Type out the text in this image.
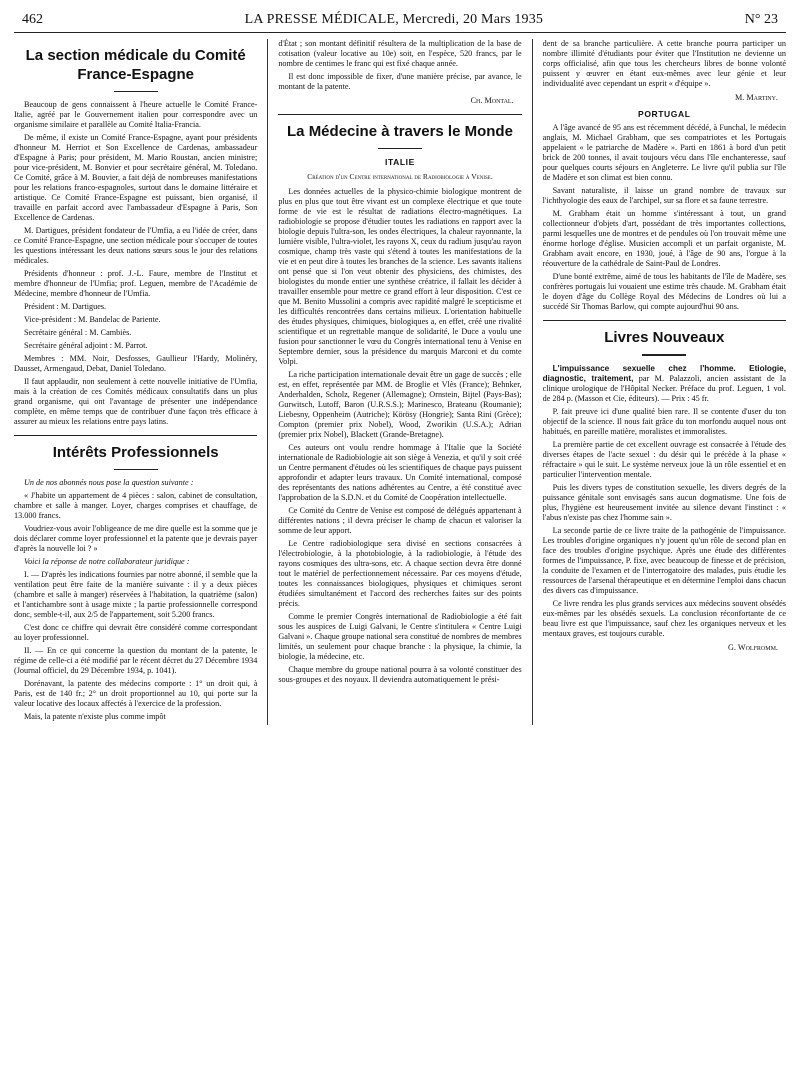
462	LA PRESSE MÉDICALE, Mercredi, 20 Mars 1935	N° 23
La section médicale du Comité France-Espagne

Beaucoup de gens connaissent à l'heure actuelle le Comité France-Italie, agréé par le Gouvernement italien pour correspondre avec un organisme similaire et parallèle au Comité Italia-Francia.

De même, il existe un Comité France-Espagne, ayant pour présidents d'honneur M. Herriot et Son Excellence de Cardenas, ambassadeur d'Espagne à Paris; pour président, M. Mario Roustan, ancien ministre; pour vice-président, M. Bonvier et pour secrétaire général, M. Toledano. Ce Comité, grâce à M. Bouvier, a fait déjà de nombreuses manifestations pour les relations franco-espagnoles, surtout dans le domaine littéraire et artistique. Ce Comité France-Espagne est puissant, bien organisé, il travaille en parfait accord avec l'ambassadeur d'Espagne à Paris, Son Excellence de Cardenas.

M. Dartigues, président fondateur de l'Umfia, a eu l'idée de créer, dans ce Comité France-Espagne, une section médicale pour s'occuper de toutes les questions intéressant les deux nations sœurs sous le jour des relations médicales.

Présidents d'honneur : prof. J.-L. Faure, membre de l'Institut et membre d'honneur de l'Umfia; prof. Leguen, membre de l'Académie de Médecine, membre d'honneur de l'Umfia.

Président : M. Dartigues.

Vice-président : M. Bandelac de Pariente.

Secrétaire général : M. Cambiès.

Secrétaire général adjoint : M. Parrot.

Membres : MM. Noir, Desfosses, Gaullieur l'Hardy, Molinéry, Dausset, Armengaud, Debat, Daniel Toledano.

Il faut applaudir, non seulement à cette nouvelle initiative de l'Umfia, mais à la création de ces Comités médicaux consultatifs dans un plus grand organisme, qui ont l'avantage de présenter une indépendance complète, en même temps que de contribuer d'une façon très efficace à assurer au mieux les relations entre pays latins.

Intérêts Professionnels

Un de nos abonnés nous pose la question suivante :

« J'habite un appartement de 4 pièces : salon, cabinet de consultation, chambre et salle à manger. Loyer, charges comprises et chauffage, de 13.000 francs.

Voudriez-vous avoir l'obligeance de me dire quelle est la somme que je dois déclarer comme loyer professionnel et la patente que je devrais payer d'après la nouvelle loi ? »

Voici la réponse de notre collaborateur juridique :

I. — D'après les indications fournies par notre abonné, il semble que la ventilation peut être faite de la manière suivante : il y a deux pièces (chambre et salle à manger) réservées à l'habitation, la quatrième (salon) et l'antichambre sont à usage mixte ; la partie professionnelle correspond donc, semble-t-il, aux 2/5 de l'appartement, soit 5.200 francs.

C'est donc ce chiffre qui devrait être considéré comme correspondant au loyer professionnel.

II. — En ce qui concerne la question du montant de la patente, le régime de celle-ci a été modifié par le récent décret du 27 Décembre 1934 (Journal officiel, du 29 Décembre 1934, p. 1041).

Dorénavant, la patente des médecins comporte : 1° un droit qui, à Paris, est de 140 fr.; 2° un droit proportionnel au 10, qui porte sur la valeur locative des locaux affectés à l'exercice de la profession.

Mais, la patente n'existe plus comme impôt

d'État ; son montant définitif résultera de la multiplication de la base de cotisation (valeur locative au 10e) soit, en l'espèce, 520 francs, par le nombre de centimes le franc qui est fixé chaque année.

Il est donc impossible de fixer, d'une manière précise, par avance, le montant de la patente.

Ch. Montal.
La Médecine à travers le Monde
ITALIE
Création d'un Centre international de Radiobiologie à Venise.

Les données actuelles de la physico-chimie biologique montrent de plus en plus que tout être vivant est un complexe électrique et que toute forme de vie est le résultat de radiations électro-magnétiques. La radiobiologie se propose d'étudier toutes les radiations en rapport avec la biologie depuis l'ultra-son, les ondes électriques, la chaleur rayonnante, la lumière visible, l'ultra-violet, les rayons X, ceux du radium jusqu'au rayon cosmique, champ très vaste qui s'étend à toutes les manifestations de la vie et en peut dire à toutes les branches de la science. Les savants italiens ont pensé que si l'on veut obtenir des physiciens, des chimistes, des biologistes du monde entier une synthèse créatrice, il fallait les décider à travailler ensemble pour mettre ce grand effort à leur disposition. C'est ce que M. Benito Mussolini a compris avec rapidité malgré le scepticisme et les difficultés rencontrées dans certains milieux. L'orientation habituelle des études physiques, chimiques, biologiques a, en effet, créé une rivalité scientifique et un regrettable manque de solidarité, le Duce a voulu une fusion pour sanctionner le vœu du Congrès international tenu à Venise en Septembre dernier, sous la présidence du marquis Marconi et du comte Volpi.

La riche participation internationale devait être un gage de succès ; elle est, en effet, représentée par MM. de Broglie et Vlès (France); Behnker, Anderhalden, Scholz, Regener (Allemagne); Ornstein, Bijtel (Pays-Bas); Gurwitsch, Lutoff, Baron (U.R.S.S.); Marinesco, Brateanu (Roumanie); Liebesny, Oppenheim (Autriche); Körösy (Hongrie); Santa Rini (Grèce); Compton (premier prix Nobel), Wood, Zworikin (U.S.A.); Adrian (premier prix Nobel), Blackett (Grande-Bretagne).

Ces auteurs ont voulu rendre hommage à l'Italie que la Société internationale de Radiobiologie ait son siège à Venezia, et qu'il y soit créé un Centre permanent d'études où les scientifiques de chaque pays puissent approfondir et adapter leurs travaux. Un Comité international, composé des représentants des nations adhérentes au Centre, a été constitué avec l'approbation de la S.D.N. et du Comité de Coopération intellectuelle.

Ce Comité du Centre de Venise est composé de délégués appartenant à différentes nations ; il devra préciser le champ de chacun et valoriser la somme de leur apport.

Le Centre radiobiologique sera divisé en sections consacrées à l'électrobiologie, à la photobiologie, à la radiobiologie, à l'étude des rayons cosmiques des ultra-sons, etc. A chaque section devra être donné tout le matériel de perfectionnement nécessaire. Par ces moyens d'étude, toutes les connaissances biologiques, physiques et chimiques seront étudiées simultanément et l'accord des recherches faites sur des points précis.

Comme le premier Congrès international de Radiobiologie a été fait sous les auspices de Luigi Galvani, le Centre s'intitulera « Centre Luigi Galvani ». Chaque groupe national sera constitué de nombres de membres limités, un seulement pour chaque branche : la physique, la chimie, la biologie, la médecine, etc.

Chaque membre du groupe national pourra à sa volonté constituer des sous-groupes et des noyaux. Il deviendra automatiquement le prési-

dent de sa branche particulière. A cette branche pourra participer un nombre illimité d'étudiants pour éviter que l'Institution ne devienne un corps officialisé, afin que tous les chercheurs libres de bonne volonté puissent y œuvrer en étant eux-mêmes avec leur génie et leur individualité avec cependant un esprit « d'équipe ».

M. Martiny.
PORTUGAL

A l'âge avancé de 95 ans est récemment décédé, à Funchal, le médecin anglais, M. Michael Grabham, que ses compatriotes et les Portugais appelaient « le patriarche de Madère ». Parti en 1861 à bord d'un petit brick de 200 tonnes, il avait toujours vécu dans l'île enchanteresse, sauf pour quelques courts séjours en Angleterre. Le livre qu'il publia sur l'île de Madère et son climat est bien connu.

Savant naturaliste, il laisse un grand nombre de travaux sur l'ichthyologie des eaux de l'archipel, sur sa flore et sa faune terrestre.

M. Grabham était un homme s'intéressant à tout, un grand collectionneur d'objets d'art, possédant de très importantes collections, parmi lesquelles une de montres et de pendules où l'on trouvait même une énorme horloge d'église. Musicien accompli et un parfait organiste, M. Grabham avait encore, en 1930, joué, à l'âge de 90 ans, l'orgue à la réouverture de la cathédrale de Saint-Paul de Londres.

D'une bonté extrême, aimé de tous les habitants de l'île de Madère, ses confrères portugais lui vouaient une estime très chaude. M. Grabham était le doyen d'âge du Collège Royal des Médecins de Londres où lui a succédé Sir Thomas Barlow, qui compte aujourd'hui 90 ans.

Livres Nouveaux

L'impuissance sexuelle chez l'homme. Etiologie, diagnostic, traitement, par M. Palazzoli, ancien assistant de la clinique urologique de l'Hôpital Necker. Préface du prof. Leguen, 1 vol. de 284 p. (Masson et Cie, éditeurs). — Prix : 45 fr.

P. fait preuve ici d'une qualité bien rare. Il se contente d'user du ton objectif de la science. Il nous fait grâce du ton morfondu auquel nous ont habitués, en pareille matière, moralistes et immoralistes.

La première partie de cet excellent ouvrage est consacrée à l'étude des diverses étapes de l'acte sexuel : du désir qui le précède à la phase « réfractaire » qui le suit. Le système nerveux joue là un rôle essentiel et en particulier l'intervention mentale.

Puis les divers types de constitution sexuelle, les divers degrés de la puissance génitale sont envisagés sans aucun dogmatisme. Une fois de plus, l'hygiène est heureusement invitée au silence devant l'instinct : « l'abus n'existe pas chez l'homme sain ».

La seconde partie de ce livre traite de la pathogénie de l'impuissance. Les troubles d'origine organiques n'y jouent qu'un rôle de second plan en face des troubles d'origine psychique. Après une étude des différentes formes de l'impuissance, P. fixe, avec beaucoup de finesse et de précision, la conduite de l'examen et de l'interrogatoire des malades, puis étudie les ressources de l'arsenal thérapeutique et en détermine l'emploi dans chacun des divers cas d'impuissance.

Ce livre rendra les plus grands services aux médecins souvent obsédés eux-mêmes par les obsédés sexuels. La conclusion réconfortante de ce beau livre est que l'impuissance, sauf chez les organiques nerveux et les mentaux graves, est toujours curable.

G. Wolfromm.
